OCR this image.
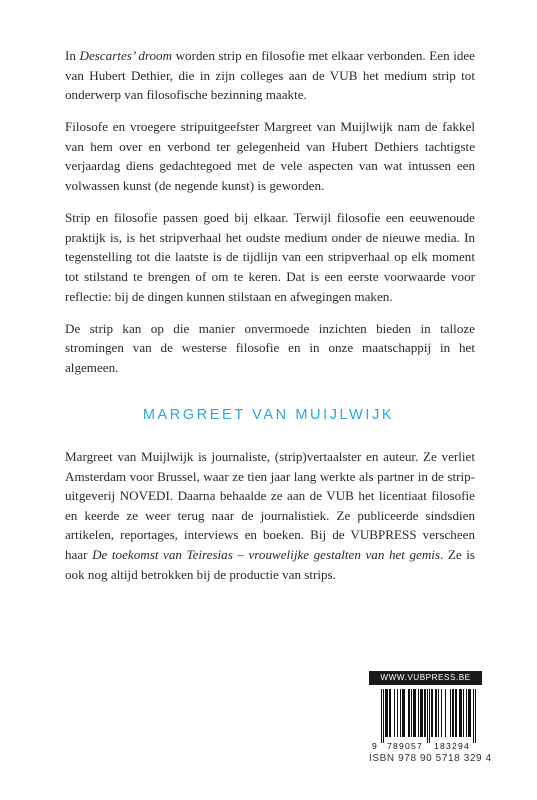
In Descartes’ droom worden strip en filosofie met elkaar verbonden. Een idee van Hubert Dethier, die in zijn colleges aan de VUB het medium strip tot onderwerp van filosofische bezinning maakte.

Filosofe en vroegere stripuitgeefster Margreet van Muijlwijk nam de fakkel van hem over en verbond ter gelegenheid van Hubert Dethiers tachtigste verjaardag diens gedachtegoed met de vele aspecten van wat intussen een volwassen kunst (de negende kunst) is geworden.

Strip en filosofie passen goed bij elkaar. Terwijl filosofie een eeuwenoude praktijk is, is het stripverhaal het oudste medium onder de nieuwe media. In tegenstelling tot die laatste is de tijdlijn van een stripverhaal op elk moment tot stilstand te brengen of om te keren. Dat is een eerste voorwaarde voor reflectie: bij de dingen kunnen stilstaan en afwegingen maken.

De strip kan op die manier onvermoede inzichten bieden in talloze stromingen van de westerse filosofie en in onze maatschappij in het algemeen.

MARGREET VAN MUIJLWIJK

Margreet van Muijlwijk is journaliste, (strip)vertaalster en auteur. Ze verliet Amsterdam voor Brussel, waar ze tien jaar lang werkte als partner in de strip-uitgeverij NOVEDI. Daarna behaalde ze aan de VUB het licentiaat filosofie en keerde ze weer terug naar de journalistiek. Ze publiceerde sindsdien artikelen, reportages, interviews en boeken. Bij de VUBPRESS verscheen haar De toekomst van Teiresias – vrouwelijke gestalten van het gemis. Ze is ook nog altijd betrokken bij de productie van strips.

WWW.VUBPRESS.BE
9 789057 183294
ISBN 978 90 5718 329 4
